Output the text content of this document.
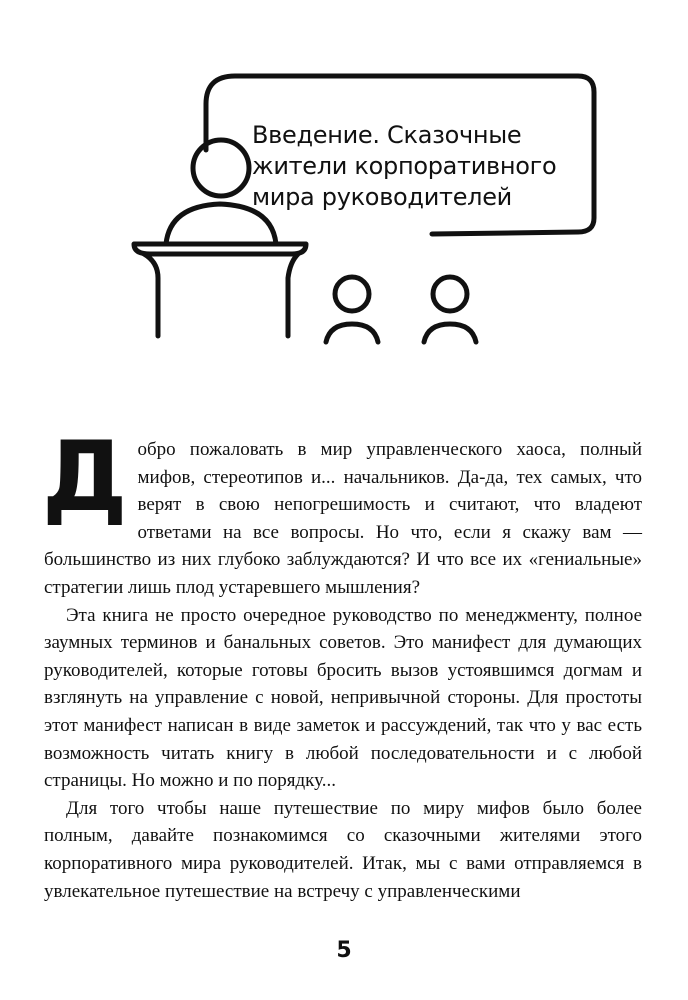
Введение. Сказочные
жители корпоративного
мира руководителей
Д обро пожаловать в мир управленческого хаоса, полный мифов, стереотипов и... начальников. Да-да, тех самых, что верят в свою непогрешимость и считают, что владеют ответами на все вопросы. Но что, если я скажу вам — большинство из них глубоко заблуждаются? И что все их «гениальные» стратегии лишь плод устаревшего мышления?

Эта книга не просто очередное руководство по менеджменту, полное заумных терминов и банальных советов. Это манифест для думающих руководителей, которые готовы бросить вызов устоявшимся догмам и взглянуть на управление с новой, непривычной стороны. Для простоты этот манифест написан в виде заметок и рассуждений, так что у вас есть возможность читать книгу в любой последовательности и с любой страницы. Но можно и по порядку...

Для того чтобы наше путешествие по миру мифов было более полным, давайте познакомимся со сказочными жителями этого корпоративного мира руководителей. Итак, мы с вами отправляемся в увлекательное путешествие на встречу с управленческими

5
